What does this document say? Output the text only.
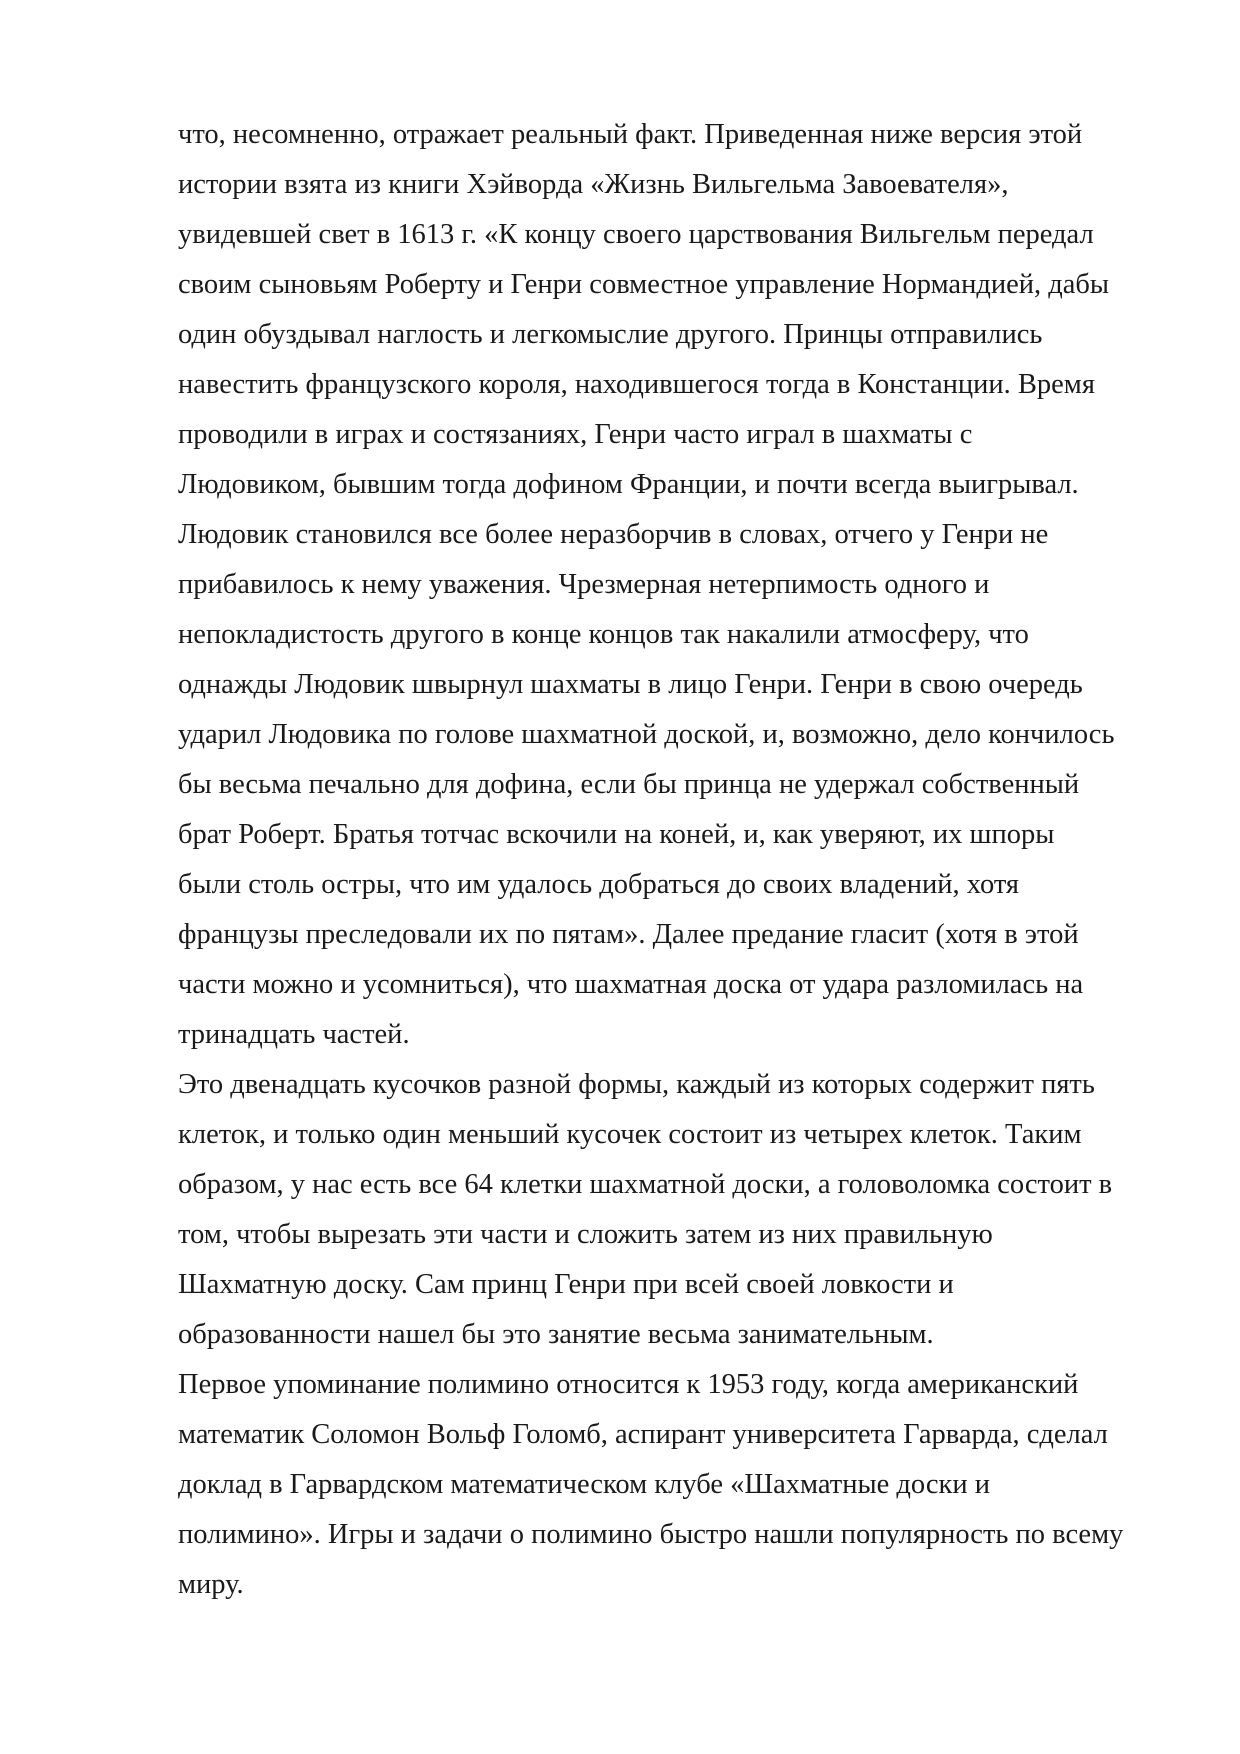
что, несомненно, отражает реальный факт. Приведенная ниже версия этой
истории взята из книги Хэйворда «Жизнь Вильгельма Завоевателя»,
увидевшей свет в 1613 г. «К концу своего царствования Вильгельм передал
своим сыновьям Роберту и Генри совместное управление Нормандией, дабы
один обуздывал наглость и легкомыслие другого. Принцы отправились
навестить французского короля, находившегося тогда в Констанции. Время
проводили в играх и состязаниях, Генри часто играл в шахматы с
Людовиком, бывшим тогда дофином Франции, и почти всегда выигрывал.
Людовик становился все более неразборчив в словах, отчего у Генри не
прибавилось к нему уважения. Чрезмерная нетерпимость одного и
непокладистость другого в конце концов так накалили атмосферу, что
однажды Людовик швырнул шахматы в лицо Генри. Генри в свою очередь
ударил Людовика по голове шахматной доской, и, возможно, дело кончилось
бы весьма печально для дофина, если бы принца не удержал собственный
брат Роберт. Братья тотчас вскочили на коней, и, как уверяют, их шпоры
были столь остры, что им удалось добраться до своих владений, хотя
французы преследовали их по пятам». Далее предание гласит (хотя в этой
части можно и усомниться), что шахматная доска от удара разломилась на
тринадцать частей.
Это двенадцать кусочков разной формы, каждый из которых содержит пять
клеток, и только один меньший кусочек состоит из четырех клеток. Таким
образом, у нас есть все 64 клетки шахматной доски, а головоломка состоит в
том, чтобы вырезать эти части и сложить затем из них правильную
Шахматную доску. Сам принц Генри при всей своей ловкости и
образованности нашел бы это занятие весьма занимательным.
Первое упоминание полимино относится к 1953 году, когда американский
математик Соломон Вольф Голомб, аспирант университета Гарварда, сделал
доклад в Гарвардском математическом клубе «Шахматные доски и
полимино». Игры и задачи о полимино быстро нашли популярность по всему
миру.
